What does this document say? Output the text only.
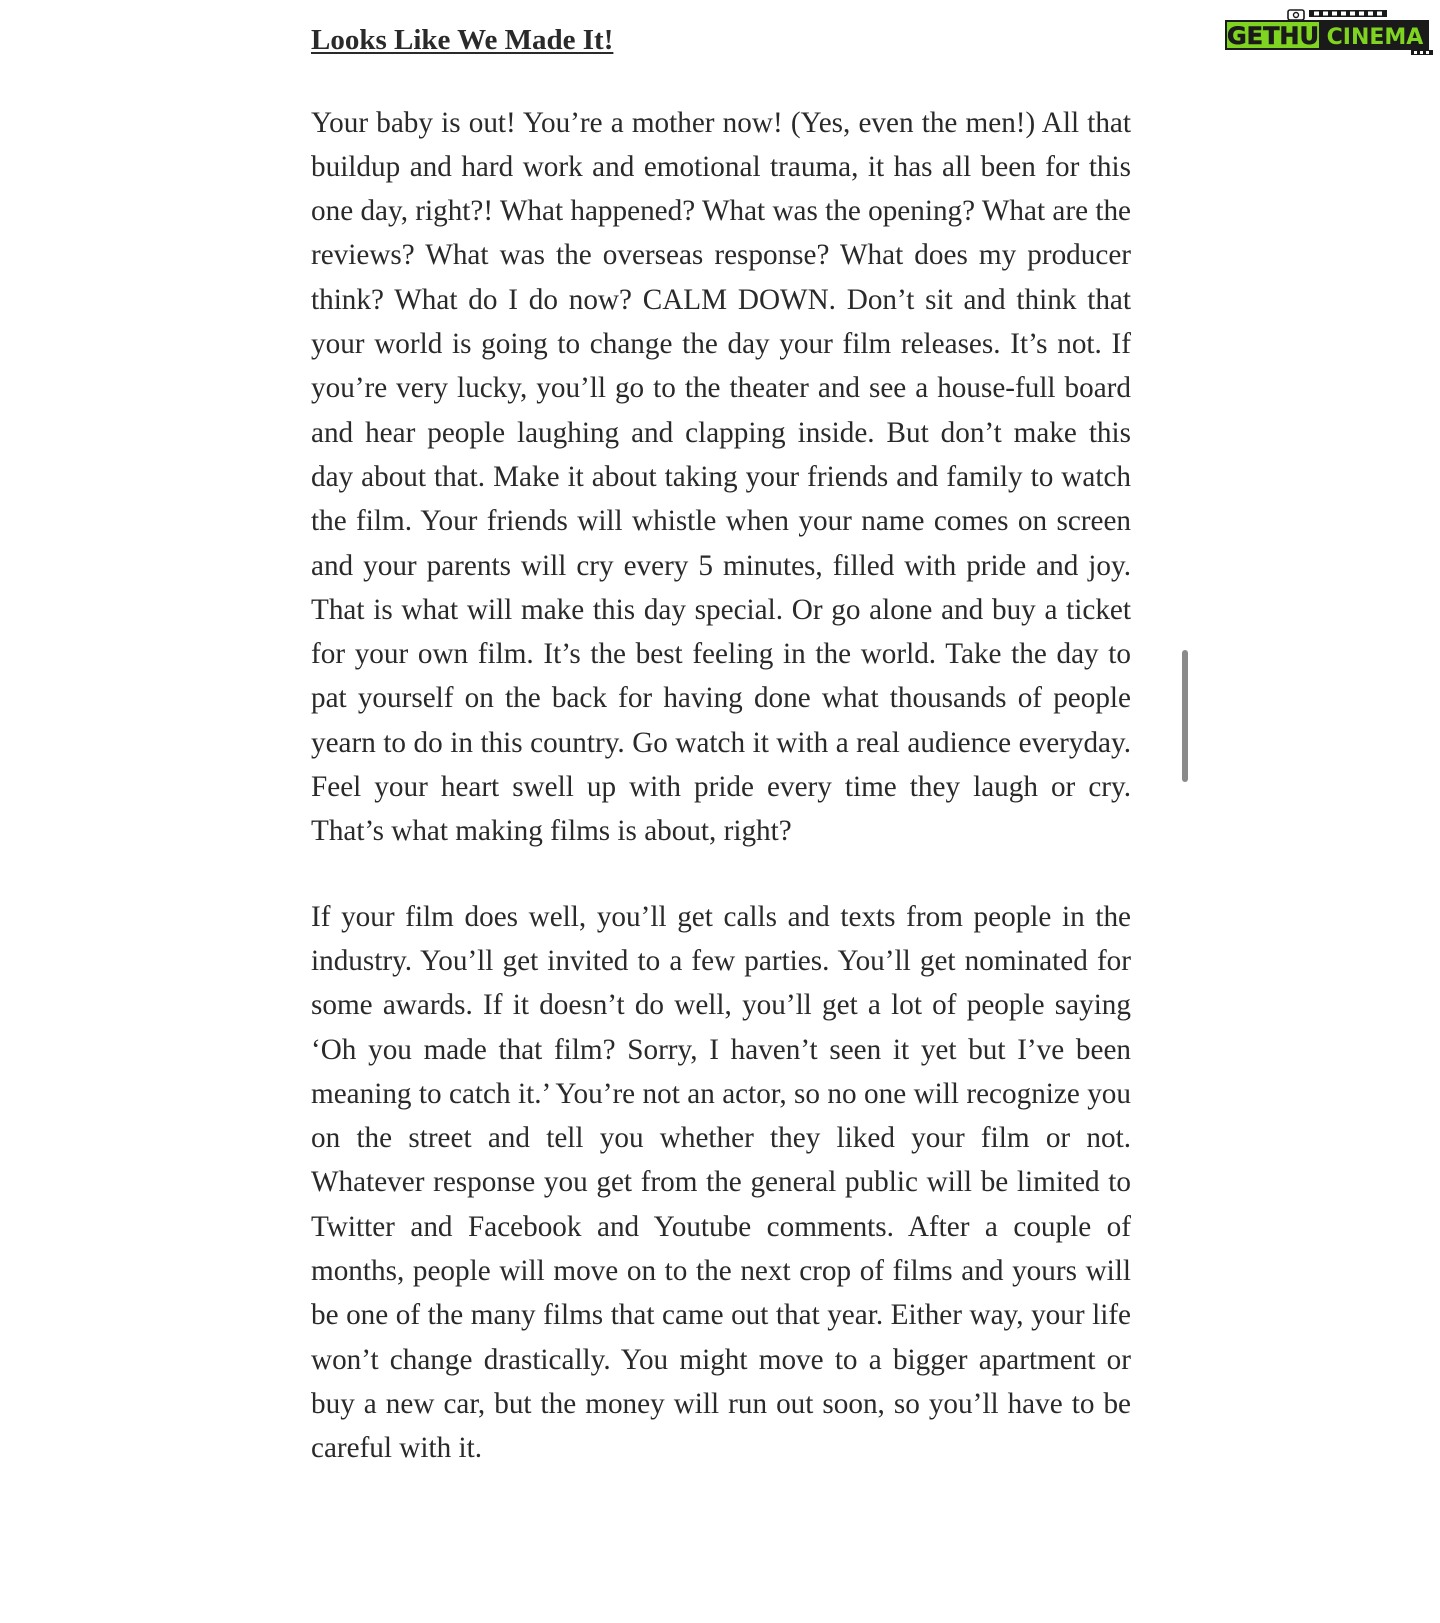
Looks Like We Made It!

Your baby is out! You’re a mother now! (Yes, even the men!) All that buildup and hard work and emotional trauma, it has all been for this one day, right?! What happened? What was the opening? What are the reviews? What was the overseas response? What does my producer think? What do I do now? CALM DOWN. Don’t sit and think that your world is going to change the day your film releases. It’s not. If you’re very lucky, you’ll go to the theater and see a house-full board and hear people laughing and clapping inside. But don’t make this day about that. Make it about taking your friends and family to watch the film. Your friends will whistle when your name comes on screen and your parents will cry every 5 minutes, filled with pride and joy. That is what will make this day special. Or go alone and buy a ticket for your own film. It’s the best feeling in the world. Take the day to pat yourself on the back for having done what thousands of people yearn to do in this country. Go watch it with a real audience everyday. Feel your heart swell up with pride every time they laugh or cry. That’s what making films is about, right?

If your film does well, you’ll get calls and texts from people in the industry. You’ll get invited to a few parties. You’ll get nominated for some awards. If it doesn’t do well, you’ll get a lot of people saying ‘Oh you made that film? Sorry, I haven’t seen it yet but I’ve been meaning to catch it.’ You’re not an actor, so no one will recognize you on the street and tell you whether they liked your film or not. Whatever response you get from the general public will be limited to Twitter and Facebook and Youtube comments. After a couple of months, people will move on to the next crop of films and yours will be one of the many films that came out that year. Either way, your life won’t change drastically. You might move to a bigger apartment or buy a new car, but the money will run out soon, so you’ll have to be careful with it.

GETHU CINEMA
